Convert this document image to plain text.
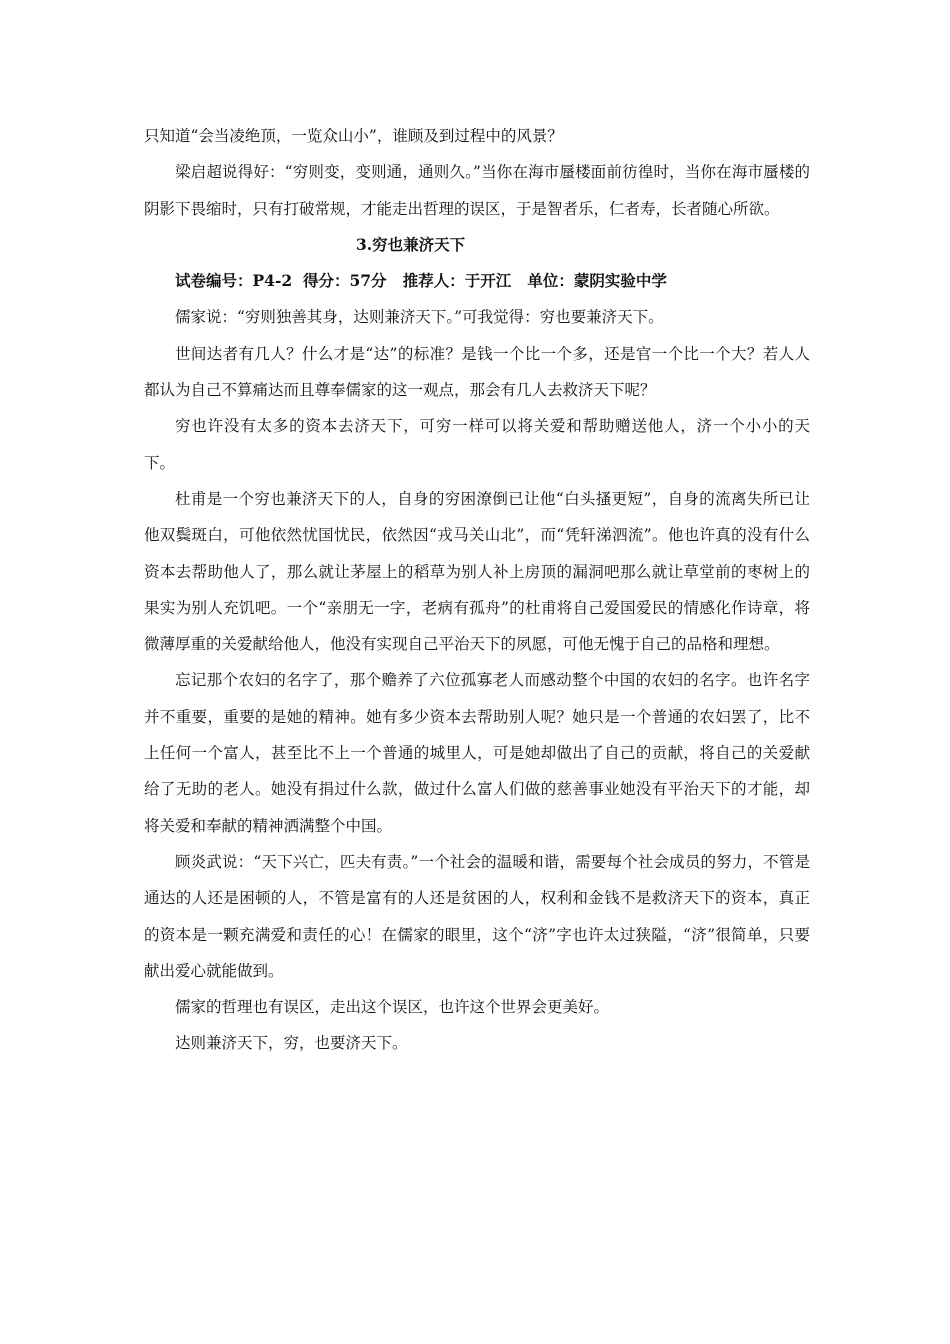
只知道“会当凌绝顶，一览众山小”，谁顾及到过程中的风景？

梁启超说得好：“穷则变，变则通，通则久。”当你在海市蜃楼面前彷徨时，当你在海市蜃楼的阴影下畏缩时，只有打破常规，才能走出哲理的误区，于是智者乐，仁者寿，长者随心所欲。

3.穷也兼济天下

试卷编号：P4-2  得分：57分   推荐人：于开江   单位：蒙阴实验中学

儒家说：“穷则独善其身，达则兼济天下。”可我觉得：穷也要兼济天下。

世间达者有几人？什么才是“达”的标准？是钱一个比一个多，还是官一个比一个大？若人人都认为自己不算痛达而且尊奉儒家的这一观点，那会有几人去救济天下呢？

穷也许没有太多的资本去济天下，可穷一样可以将关爱和帮助赠送他人，济一个小小的天下。

杜甫是一个穷也兼济天下的人，自身的穷困潦倒已让他“白头搔更短”，自身的流离失所已让他双鬓斑白，可他依然忧国忧民，依然因“戎马关山北”，而“凭轩涕泗流”。他也许真的没有什么资本去帮助他人了，那么就让茅屋上的稻草为别人补上房顶的漏洞吧那么就让草堂前的枣树上的果实为别人充饥吧。一个“亲朋无一字，老病有孤舟”的杜甫将自己爱国爱民的情感化作诗章，将微薄厚重的关爱献给他人，他没有实现自己平治天下的夙愿，可他无愧于自己的品格和理想。

忘记那个农妇的名字了，那个赡养了六位孤寡老人而感动整个中国的农妇的名字。也许名字并不重要，重要的是她的精神。她有多少资本去帮助别人呢？她只是一个普通的农妇罢了，比不上任何一个富人，甚至比不上一个普通的城里人，可是她却做出了自己的贡献，将自己的关爱献给了无助的老人。她没有捐过什么款，做过什么富人们做的慈善事业她没有平治天下的才能，却将关爱和奉献的精神洒满整个中国。

顾炎武说：“天下兴亡，匹夫有责。”一个社会的温暖和谐，需要每个社会成员的努力，不管是通达的人还是困顿的人，不管是富有的人还是贫困的人，权利和金钱不是救济天下的资本，真正的资本是一颗充满爱和责任的心！在儒家的眼里，这个“济”字也许太过狭隘，“济”很简单，只要献出爱心就能做到。

儒家的哲理也有误区，走出这个误区，也许这个世界会更美好。

达则兼济天下，穷，也要济天下。
